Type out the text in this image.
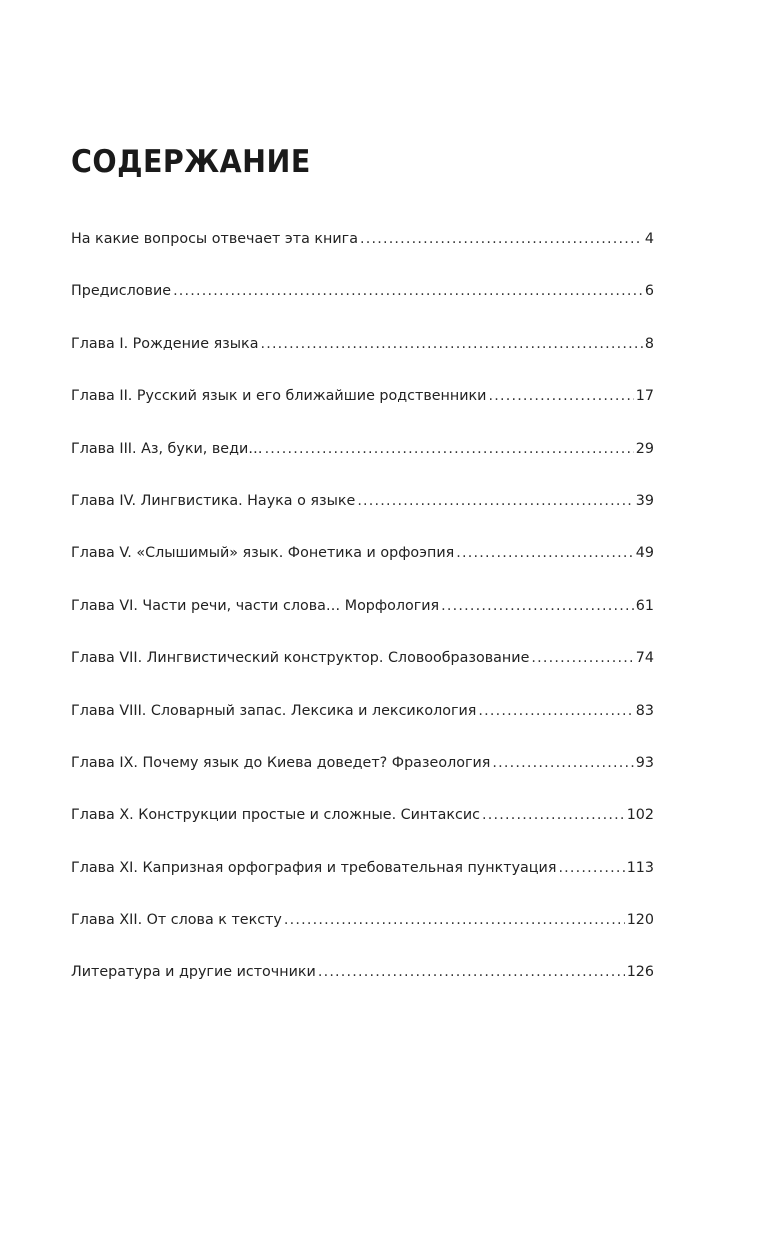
СОДЕРЖАНИЕ
На какие вопросы отвечает эта книга .....	4
Предисловие .....	6
Глава I. Рождение языка .....	8
Глава II. Русский язык и его ближайшие родственники .....	17
Глава III. Аз, буки, веди… .....	29
Глава IV. Лингвистика. Наука о языке .....	39
Глава V. «Слышимый» язык. Фонетика и орфоэпия .....	49
Глава VI. Части речи, части слова… Морфология .....	61
Глава VII. Лингвистический конструктор. Словообразование .....	74
Глава VIII. Словарный запас. Лексика и лексикология .....	83
Глава IX. Почему язык до Киева доведет? Фразеология .....	93
Глава X. Конструкции простые и сложные. Синтаксис .....	102
Глава XI. Капризная орфография и требовательная пунктуация .....	113
Глава XII. От слова к тексту .....	120
Литература и другие источники .....	126
